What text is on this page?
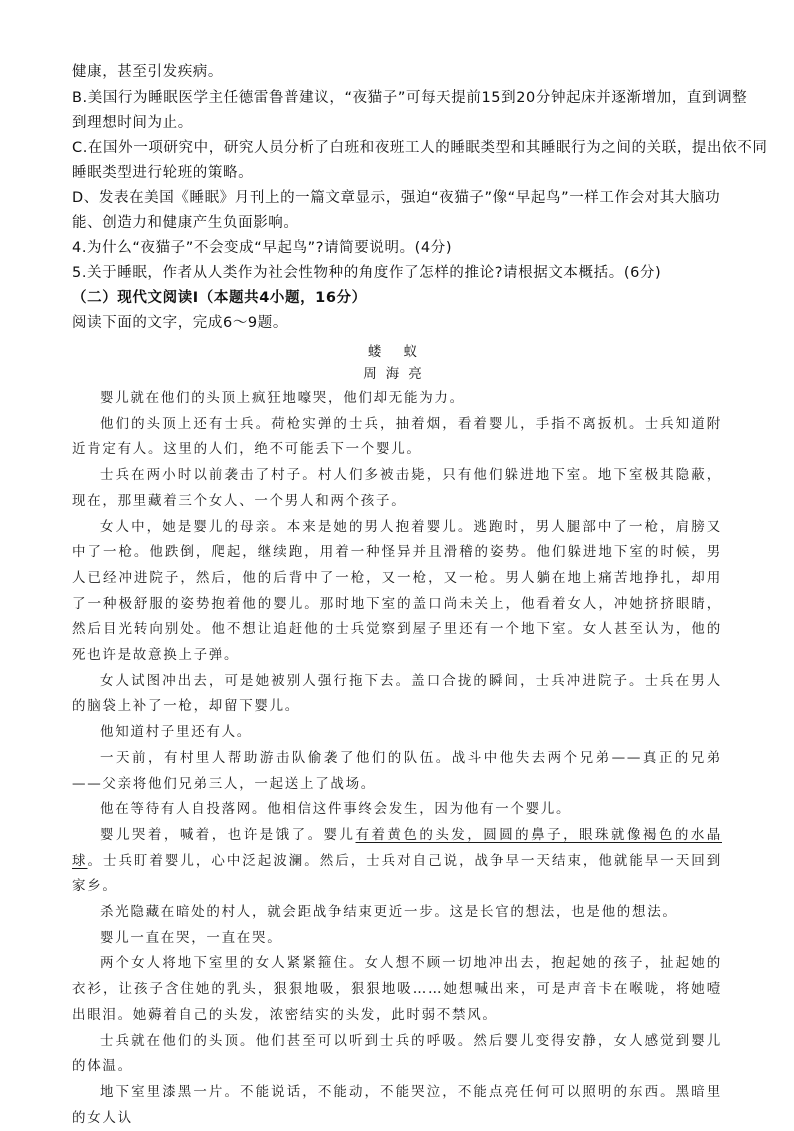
健康，甚至引发疾病。
B.美国行为睡眠医学主任德雷鲁普建议，“夜猫子”可每天提前15到20分钟起床并逐渐增加，直到调整
到理想时间为止。
C.在国外一项研究中，研究人员分析了白班和夜班工人的睡眠类型和其睡眠行为之间的关联，提出依不同
睡眠类型进行轮班的策略。
D、发表在美国《睡眠》月刊上的一篇文章显示，强迫“夜猫子”像“早起鸟”一样工作会对其大脑功
能、创造力和健康产生负面影响。
4.为什么“夜猫子”不会变成“早起鸟”?请简要说明。(4分)
5.关于睡眠，作者从人类作为社会性物种的角度作了怎样的推论?请根据文本概括。(6分)
（二）现代文阅读Ⅰ（本题共4小题，16分）
阅读下面的文字，完成6～9题。
蝼 蚁
周海亮

婴儿就在他们的头顶上疯狂地嚎哭，他们却无能为力。

他们的头顶上还有士兵。荷枪实弹的士兵，抽着烟，看着婴儿，手指不离扳机。士兵知道附近肯定有人。这里的人们，绝不可能丢下一个婴儿。

士兵在两小时以前袭击了村子。村人们多被击毙，只有他们躲进地下室。地下室极其隐蔽，现在，那里藏着三个女人、一个男人和两个孩子。

女人中，她是婴儿的母亲。本来是她的男人抱着婴儿。逃跑时，男人腿部中了一枪，肩膀又中了一枪。他跌倒，爬起，继续跑，用着一种怪异并且滑稽的姿势。他们躲进地下室的时候，男人已经冲进院子，然后，他的后背中了一枪，又一枪，又一枪。男人躺在地上痛苦地挣扎，却用了一种极舒服的姿势抱着他的婴儿。那时地下室的盖口尚未关上，他看着女人，冲她挤挤眼睛，然后目光转向别处。他不想让追赶他的士兵觉察到屋子里还有一个地下室。女人甚至认为，他的死也许是故意换上子弹。

女人试图冲出去，可是她被别人强行拖下去。盖口合拢的瞬间，士兵冲进院子。士兵在男人的脑袋上补了一枪，却留下婴儿。

他知道村子里还有人。

一天前，有村里人帮助游击队偷袭了他们的队伍。战斗中他失去两个兄弟——真正的兄弟——父亲将他们兄弟三人，一起送上了战场。

他在等待有人自投落网。他相信这件事终会发生，因为他有一个婴儿。

婴儿哭着，喊着，也许是饿了。婴儿有着黄色的头发，圆圆的鼻子，眼珠就像褐色的水晶球。士兵盯着婴儿，心中泛起波澜。然后，士兵对自己说，战争早一天结束，他就能早一天回到家乡。

杀光隐藏在暗处的村人，就会距战争结束更近一步。这是长官的想法，也是他的想法。

婴儿一直在哭，一直在哭。

两个女人将地下室里的女人紧紧箍住。女人想不顾一切地冲出去，抱起她的孩子，扯起她的衣衫，让孩子含住她的乳头，狠狠地吸，狠狠地吸……她想喊出来，可是声音卡在喉咙，将她噎出眼泪。她薅着自己的头发，浓密结实的头发，此时弱不禁风。

士兵就在他们的头顶。他们甚至可以听到士兵的呼吸。然后婴儿变得安静，女人感觉到婴儿的体温。

地下室里漆黑一片。不能说话，不能动，不能哭泣，不能点亮任何可以照明的东西。黑暗里的女人认
